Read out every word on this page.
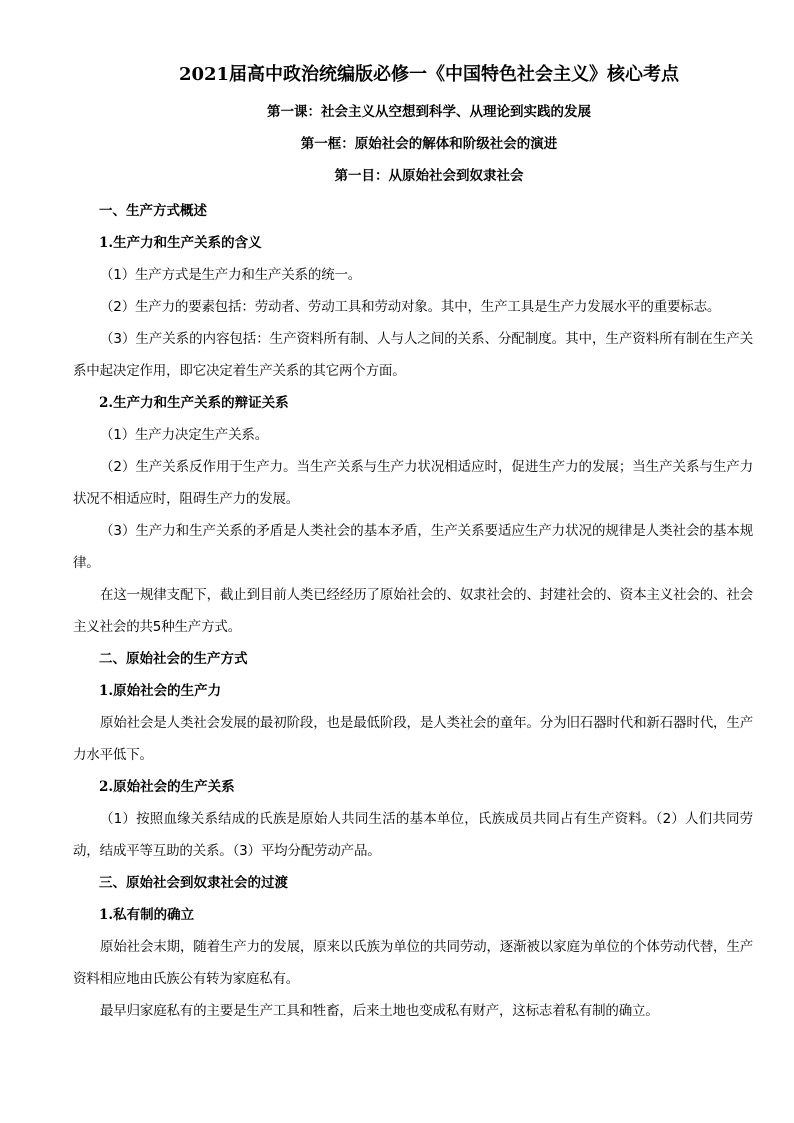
2021届高中政治统编版必修一《中国特色社会主义》核心考点
第一课：社会主义从空想到科学、从理论到实践的发展
第一框：原始社会的解体和阶级社会的演进
第一目：从原始社会到奴隶社会
一、生产方式概述
1.生产力和生产关系的含义

（1）生产方式是生产力和生产关系的统一。

（2）生产力的要素包括：劳动者、劳动工具和劳动对象。其中，生产工具是生产力发展水平的重要标志。

（3）生产关系的内容包括：生产资料所有制、人与人之间的关系、分配制度。其中，生产资料所有制在生产关系中起决定作用，即它决定着生产关系的其它两个方面。

2.生产力和生产关系的辩证关系

（1）生产力决定生产关系。

（2）生产关系反作用于生产力。当生产关系与生产力状况相适应时，促进生产力的发展；当生产关系与生产力状况不相适应时，阻碍生产力的发展。

（3）生产力和生产关系的矛盾是人类社会的基本矛盾，生产关系要适应生产力状况的规律是人类社会的基本规律。

在这一规律支配下，截止到目前人类已经经历了原始社会的、奴隶社会的、封建社会的、资本主义社会的、社会主义社会的共5种生产方式。

二、原始社会的生产方式
1.原始社会的生产力

原始社会是人类社会发展的最初阶段，也是最低阶段，是人类社会的童年。分为旧石器时代和新石器时代，生产力水平低下。

2.原始社会的生产关系

（1）按照血缘关系结成的氏族是原始人共同生活的基本单位，氏族成员共同占有生产资料。（2）人们共同劳动，结成平等互助的关系。（3）平均分配劳动产品。

三、原始社会到奴隶社会的过渡
1.私有制的确立

原始社会末期，随着生产力的发展，原来以氏族为单位的共同劳动，逐渐被以家庭为单位的个体劳动代替，生产资料相应地由氏族公有转为家庭私有。

最早归家庭私有的主要是生产工具和牲畜，后来土地也变成私有财产，这标志着私有制的确立。
